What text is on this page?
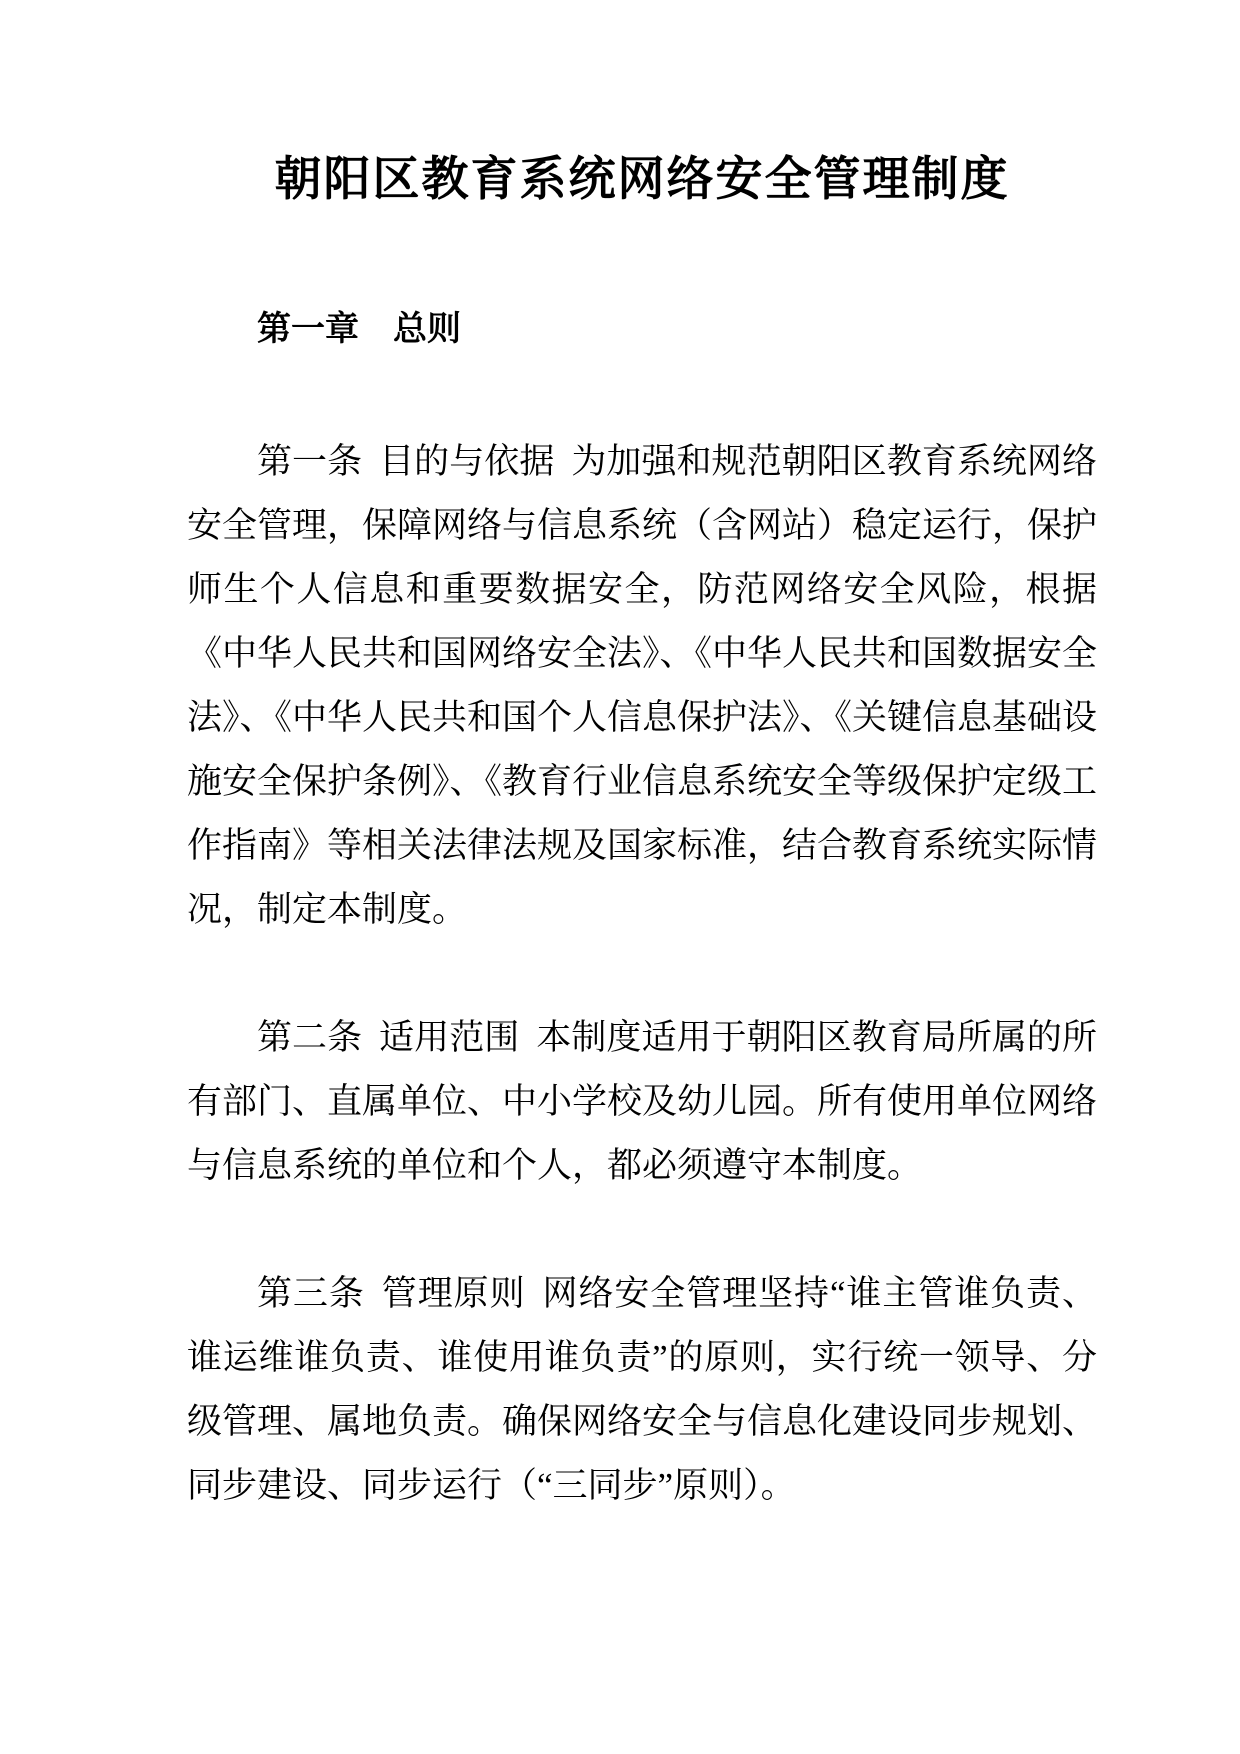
朝阳区教育系统网络安全管理制度
第一章 总则

第一条 目的与依据 为加强和规范朝阳区教育系统网络安全管理，保障网络与信息系统（含网站）稳定运行，保护师生个人信息和重要数据安全，防范网络安全风险，根据《中华人民共和国网络安全法》、《中华人民共和国数据安全法》、《中华人民共和国个人信息保护法》、《关键信息基础设施安全保护条例》、《教育行业信息系统安全等级保护定级工作指南》等相关法律法规及国家标准，结合教育系统实际情况，制定本制度。

第二条 适用范围 本制度适用于朝阳区教育局所属的所有部门、直属单位、中小学校及幼儿园。所有使用单位网络与信息系统的单位和个人，都必须遵守本制度。

第三条 管理原则 网络安全管理坚持“谁主管谁负责、谁运维谁负责、谁使用谁负责”的原则，实行统一领导、分级管理、属地负责。确保网络安全与信息化建设同步规划、同步建设、同步运行（“三同步”原则）。
